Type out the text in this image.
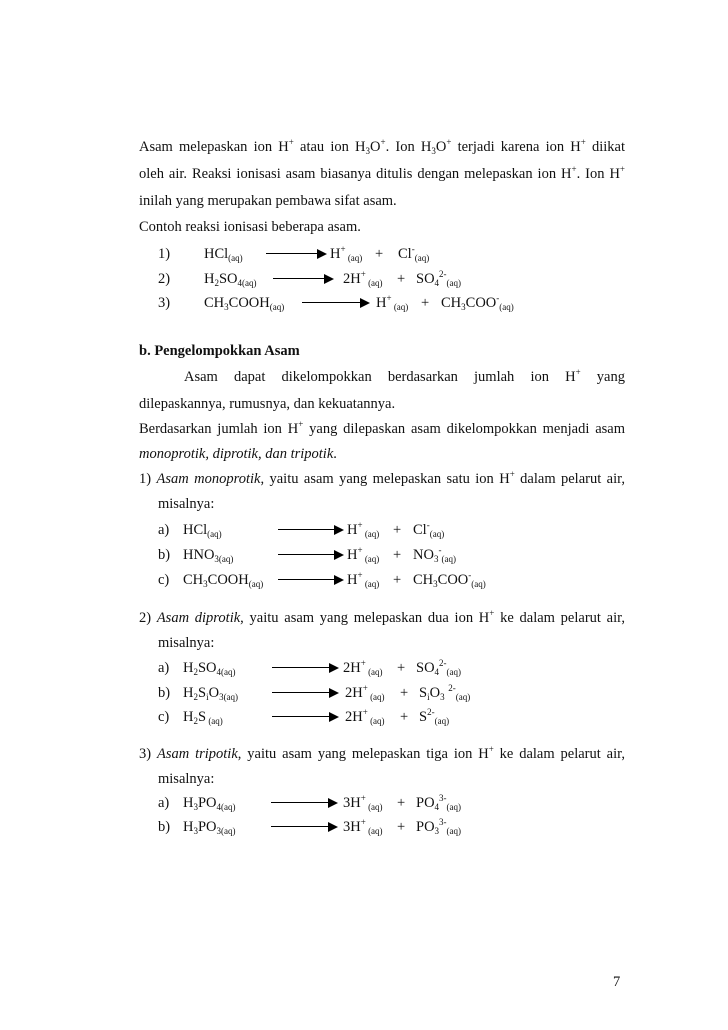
Asam melepaskan ion H+ atau ion $H_3O^+$. Ion $H_3O^+$ terjadi karena ion H+ diikat
oleh air. Reaksi ionisasi asam biasanya ditulis dengan melepaskan ion H+. Ion H+
inilah yang merupakan pembawa sifat asam.
Contoh reaksi ionisasi beberapa asam.
1) HCl$_{(aq)}$	H+ $_{(aq)} + Cl^-_{(aq)}$
2) $H_2SO_{4(aq)}$	2H+ $_{(aq)} + SO_4^{2-}_{(aq)}$
3) $CH_3COOH_{(aq)}$	H+ $_{(aq)} + CH_3COO^-_{(aq)}$
b. Pengelompokkan Asam
Asam dapat dikelompokkan berdasarkan jumlah ion H+ yang
dilepaskannya, rumusnya, dan kekuatannya.
Berdasarkan jumlah ion H+ yang dilepaskan asam dikelompokkan menjadi asam
monoprotik, diprotik, dan tripotik.
1) Asam monoprotik, yaitu asam yang melepaskan satu ion H+ dalam pelarut air,
misalnya:
a) HCl$_{(aq)}$	H+ $_{(aq)} + Cl^-_{(aq)}$
b) $HNO_{3(aq)}$	H+ $_{(aq)} + NO_3^-_{(aq)}$
c) $CH_3COOH_{(aq)}$	H+ $_{(aq)} + CH_3COO^-_{(aq)}$
2) Asam diprotik, yaitu asam yang melepaskan dua ion H+ ke dalam pelarut air,
misalnya:
a) $H_2SO_{4(aq)}$	2H+ $_{(aq)} + SO_4^{2-}_{(aq)}$
b) $H_2S_iO_{3(aq)}$	2H+ $_{(aq)} + S_iO_3$ $^{2-}_{(aq)}$
c) $H_2S$ $_{(aq)}$	2H+ $_{(aq)} + S^{2-}_{(aq)}$
3) Asam tripotik, yaitu asam yang melepaskan tiga ion H+ ke dalam pelarut air,
misalnya:
a) $H_3PO_{4(aq)}$	3H+ $_{(aq)} + PO_4^{3-}_{(aq)}$
b) $H_3PO_{3(aq)}$	3H+ $_{(aq)} + PO_3^{3-}_{(aq)}$
7
